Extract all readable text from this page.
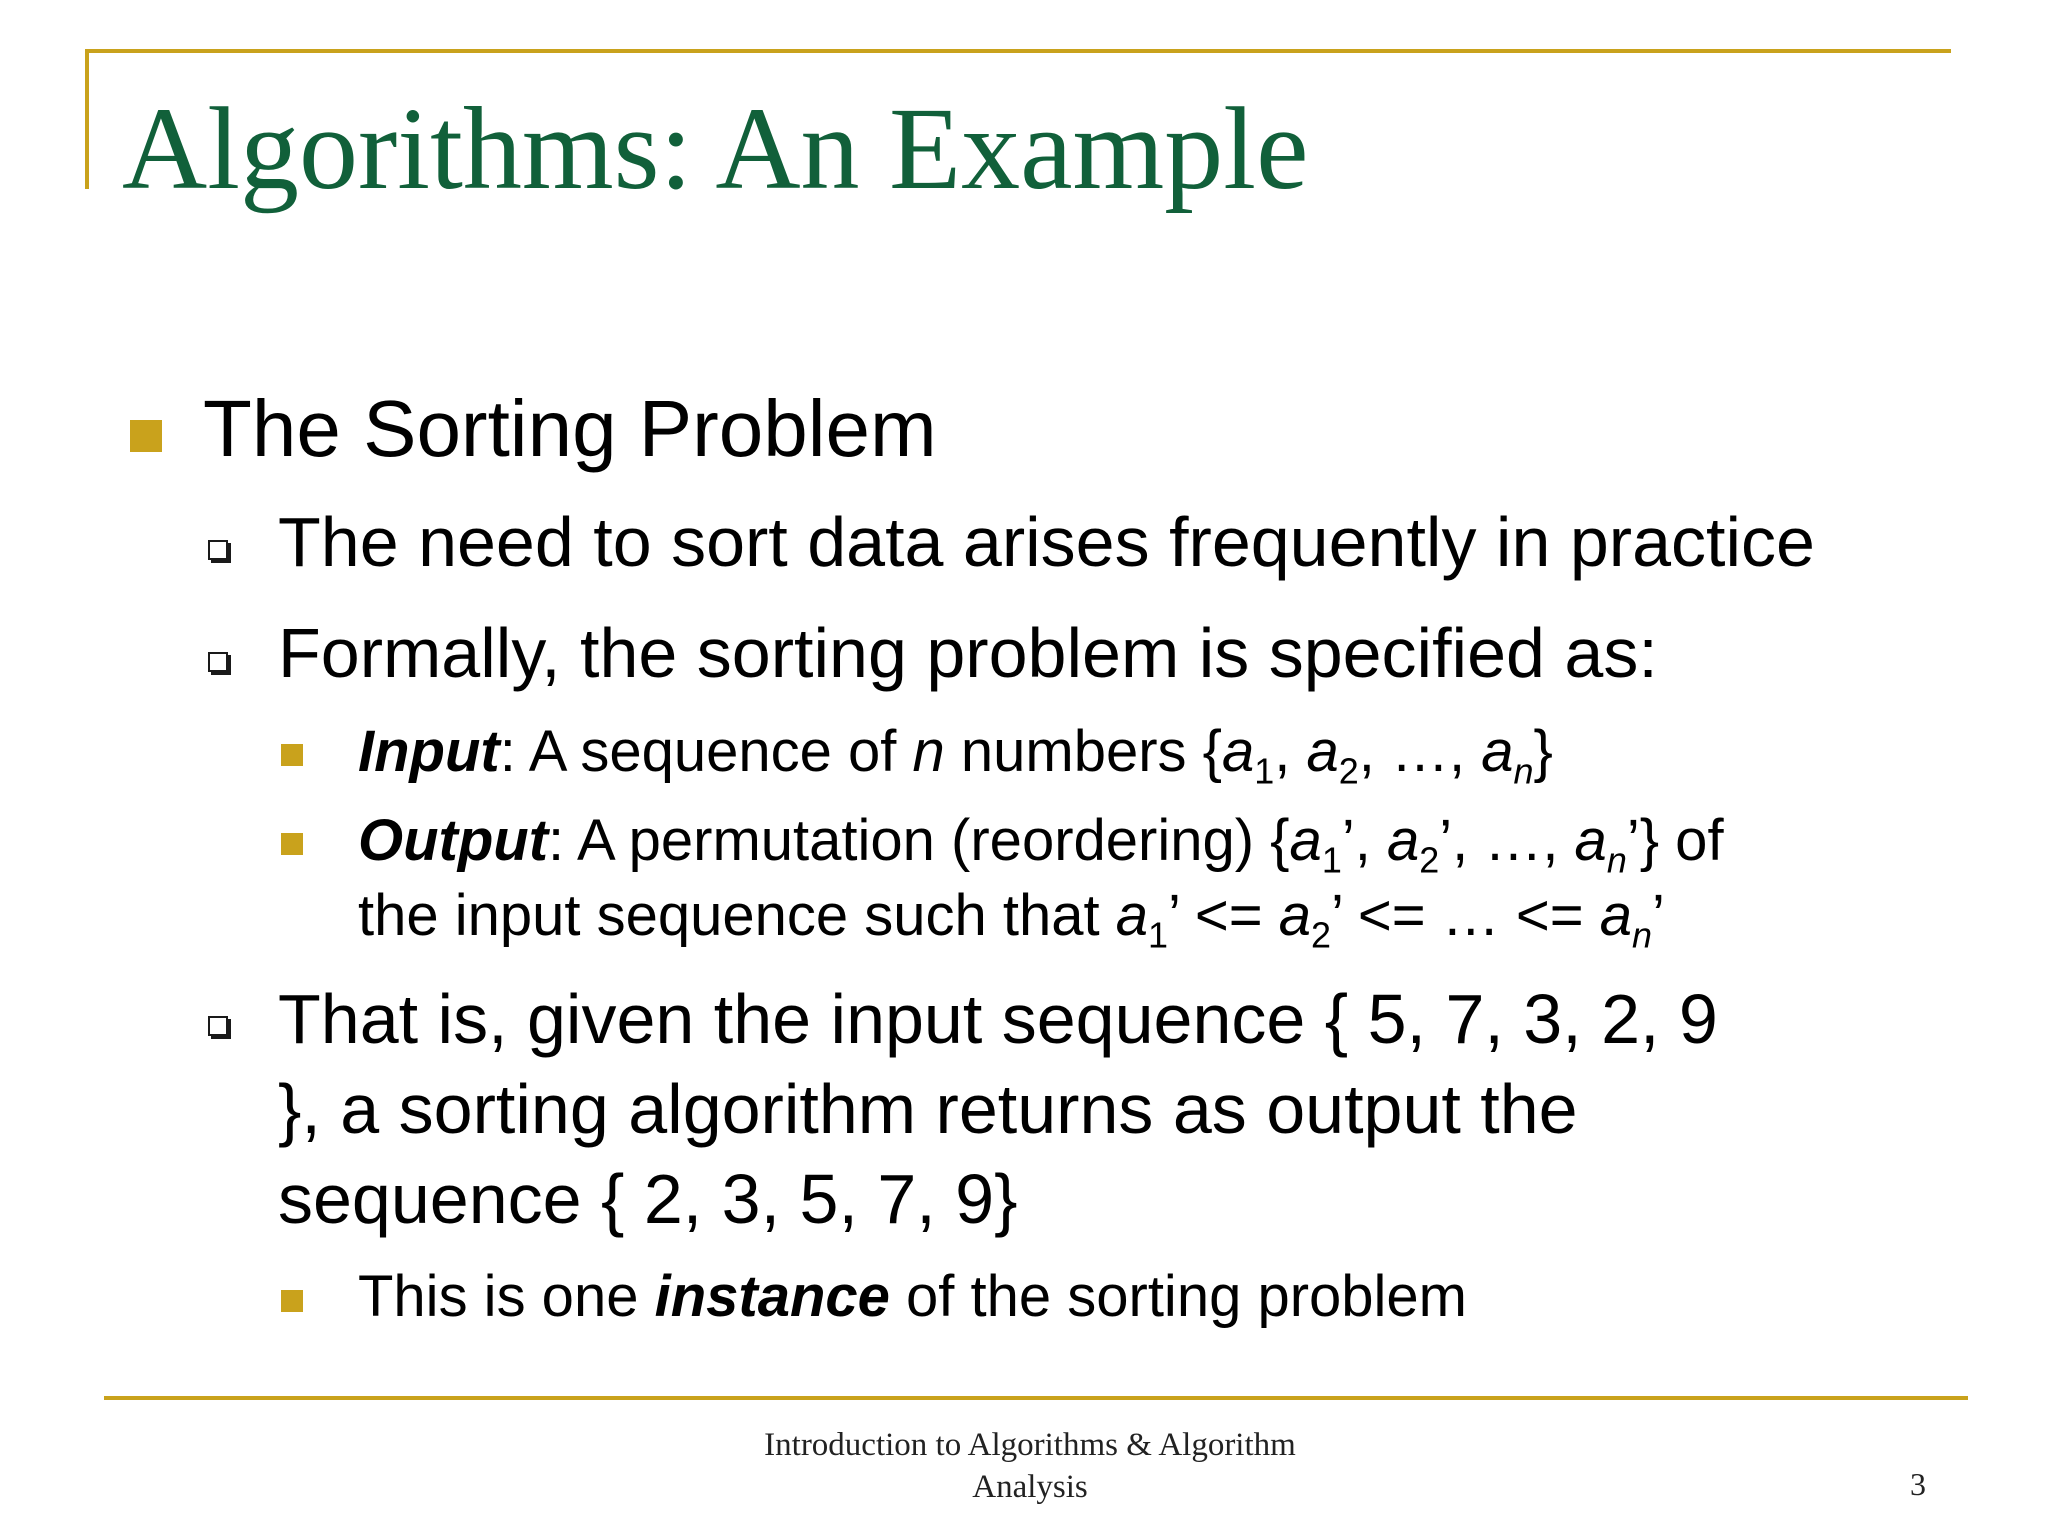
Algorithms: An Example
The Sorting Problem
The need to sort data arises frequently in practice
Formally, the sorting problem is specified as:
Input: A sequence of n numbers {$a_1$, $a_2$, …, $a_n$}
Output: A permutation (reordering) {$a_1$’, $a_2$’, …, $a_n$’} of
the input sequence such that $a_1$’ <= $a_2$’ <= … <= $a_n$’
That is, given the input sequence { 5, 7, 3, 2, 9
}, a sorting algorithm returns as output the
sequence { 2, 3, 5, 7, 9}
This is one instance of the sorting problem
Introduction to Algorithms & Algorithm
Analysis	3
